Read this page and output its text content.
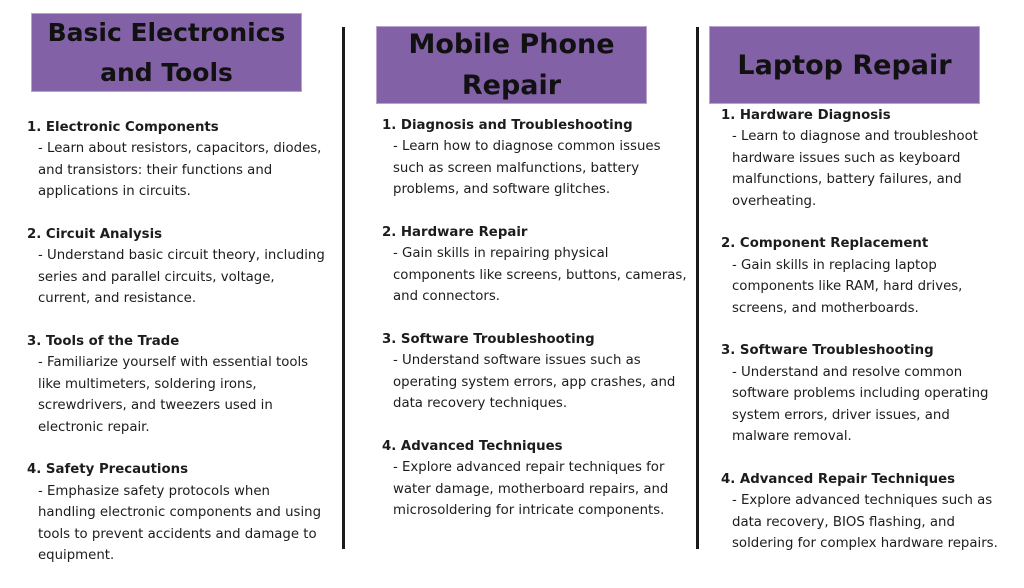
Basic Electronics and Tools
Mobile Phone Repair
Laptop Repair
1. Electronic Components
- Learn about resistors, capacitors, diodes, and transistors: their functions and applications in circuits.
2. Circuit Analysis
- Understand basic circuit theory, including series and parallel circuits, voltage, current, and resistance.
3. Tools of the Trade
- Familiarize yourself with essential tools like multimeters, soldering irons, screwdrivers, and tweezers used in electronic repair.
4. Safety Precautions
- Emphasize safety protocols when handling electronic components and using tools to prevent accidents and damage to equipment.
1. Diagnosis and Troubleshooting
- Learn how to diagnose common issues such as screen malfunctions, battery problems, and software glitches.
2. Hardware Repair
- Gain skills in repairing physical components like screens, buttons, cameras, and connectors.
3. Software Troubleshooting
- Understand software issues such as operating system errors, app crashes, and data recovery techniques.
4. Advanced Techniques
- Explore advanced repair techniques for water damage, motherboard repairs, and microsoldering for intricate components.
1. Hardware Diagnosis
- Learn to diagnose and troubleshoot hardware issues such as keyboard malfunctions, battery failures, and overheating.
2. Component Replacement
- Gain skills in replacing laptop components like RAM, hard drives, screens, and motherboards.
3. Software Troubleshooting
- Understand and resolve common software problems including operating system errors, driver issues, and malware removal.
4. Advanced Repair Techniques
- Explore advanced techniques such as data recovery, BIOS flashing, and soldering for complex hardware repairs.
